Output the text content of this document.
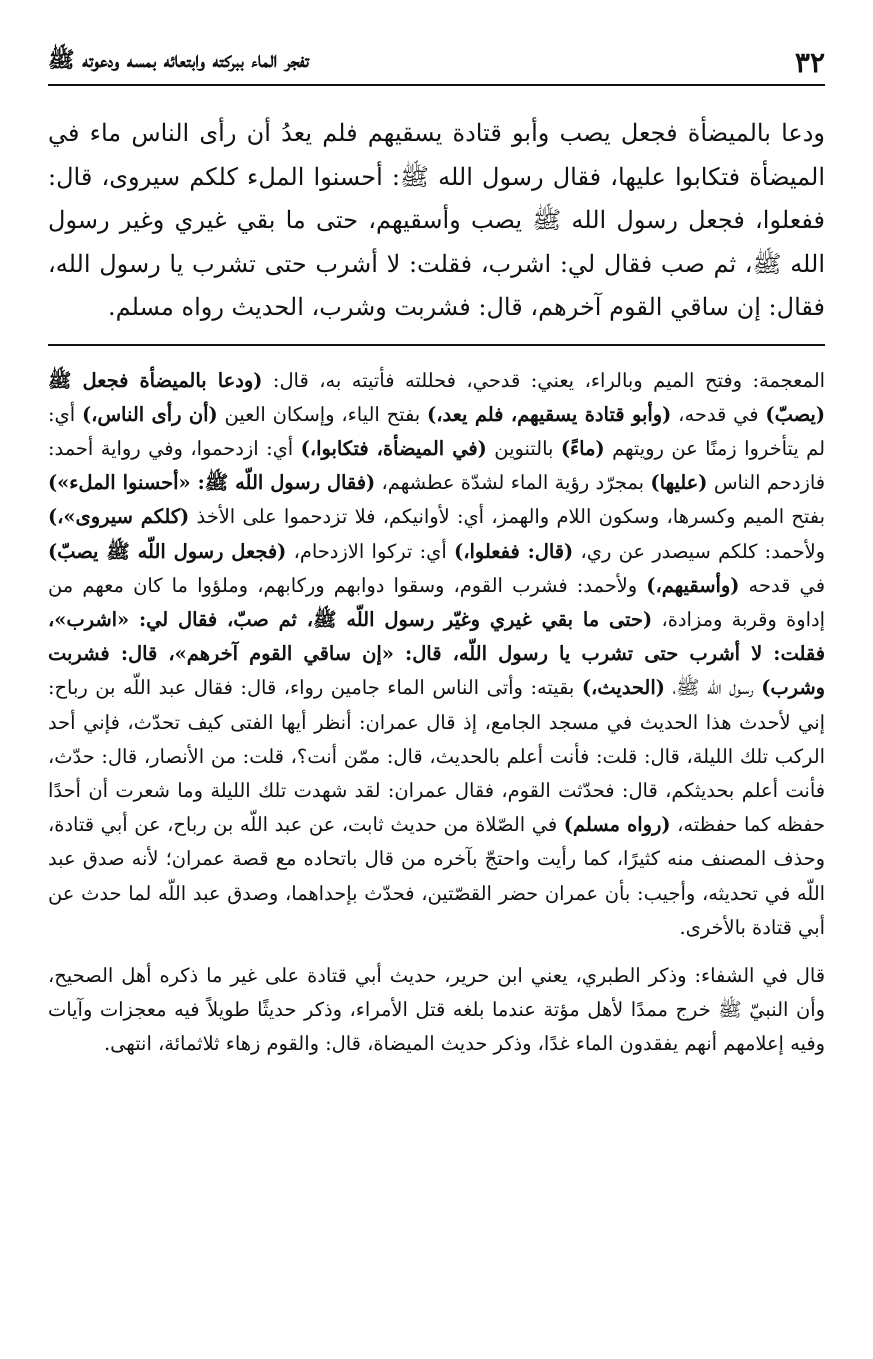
٣٢
تفجر الماء ببركته وابتعائه بمسه ودعوته ﷺ
ودعا بالميضأة فجعل يصب وأبو قتادة يسقيهم فلم يعدُ أن رأى الناس ماء في الميضأة فتكابوا عليها، فقال رسول الله ﷺ: أحسنوا الملء كلكم سيروى، قال: ففعلوا، فجعل رسول الله ﷺ يصب وأسقيهم، حتى ما بقي غيري وغير رسول الله ﷺ، ثم صب فقال لي: اشرب، فقلت: لا أشرب حتى تشرب يا رسول الله، فقال: إن ساقي القوم آخرهم، قال: فشربت وشرب، الحديث رواه مسلم.

المعجمة: وفتح الميم وبالراء، يعني: قدحي، فحللته فأتيته به، قال: (ودعا بالميضأة فجعل ﷺ (يصبّ) في قدحه، (وأبو قتادة يسقيهم، فلم يعد،) بفتح الياء، وإسكان العين (أن رأى الناس،) أي: لم يتأخروا زمنًا عن رويتهم (ماءً) بالتنوين (في الميضأة، فتكابوا،) أي: ازدحموا، وفي رواية أحمد: فازدحم الناس (عليها) بمجرّد رؤية الماء لشدّة عطشهم، (فقال رسول اللّه ﷺ: «أحسنوا الملء») بفتح الميم وكسرها، وسكون اللام والهمز، أي: لأوانيكم، فلا تزدحموا على الأخذ (كلكم سيروى»،) ولأحمد: كلكم سيصدر عن ري، (قال: ففعلوا،) أي: تركوا الازدحام، (فجعل رسول اللّه ﷺ يصبّ) في قدحه (وأسقيهم،) ولأحمد: فشرب القوم، وسقوا دوابهم وركابهم، وملؤوا ما كان معهم من إداوة وقربة ومزادة، (حتى ما بقي غيري وغيّر رسول اللّه ﷺ، ثم صبّ، فقال لي: «اشرب»، فقلت: لا أشرب حتى تشرب يا رسول اللّه، قال: «إن ساقي القوم آخرهم»، قال: فشربت وشرب) رسول اللّه ﷺ، (الحديث،) بقيته: وأتى الناس الماء جامين رواء، قال: فقال عبد اللّه بن رباح: إني لأحدث هذا الحديث في مسجد الجامع، إذ قال عمران: أنظر أيها الفتى كيف تحدّث، فإني أحد الركب تلك الليلة، قال: قلت: فأنت أعلم بالحديث، قال: ممّن أنت؟، قلت: من الأنصار، قال: حدّث، فأنت أعلم بحديثكم، قال: فحدّثت القوم، فقال عمران: لقد شهدت تلك الليلة وما شعرت أن أحدًا حفظه كما حفظته، (رواه مسلم) في الصّلاة من حديث ثابت، عن عبد اللّه بن رباح، عن أبي قتادة، وحذف المصنف منه كثيرًا، كما رأيت واحتجّ بآخره من قال باتحاده مع قصة عمران؛ لأنه صدق عبد اللّه في تحديثه، وأجيب: بأن عمران حضر القصّتين، فحدّث بإحداهما، وصدق عبد اللّه لما حدث عن أبي قتادة بالأخرى.

قال في الشفاء: وذكر الطبري، يعني ابن حرير، حديث أبي قتادة على غير ما ذكره أهل الصحيح، وأن النبيّ ﷺ خرج ممدًا لأهل مؤتة عندما بلغه قتل الأمراء، وذكر حديثًا طويلاً فيه معجزات وآيات وفيه إعلامهم أنهم يفقدون الماء غدًا، وذكر حديث الميضاة، قال: والقوم زهاء ثلاثمائة، انتهى.
